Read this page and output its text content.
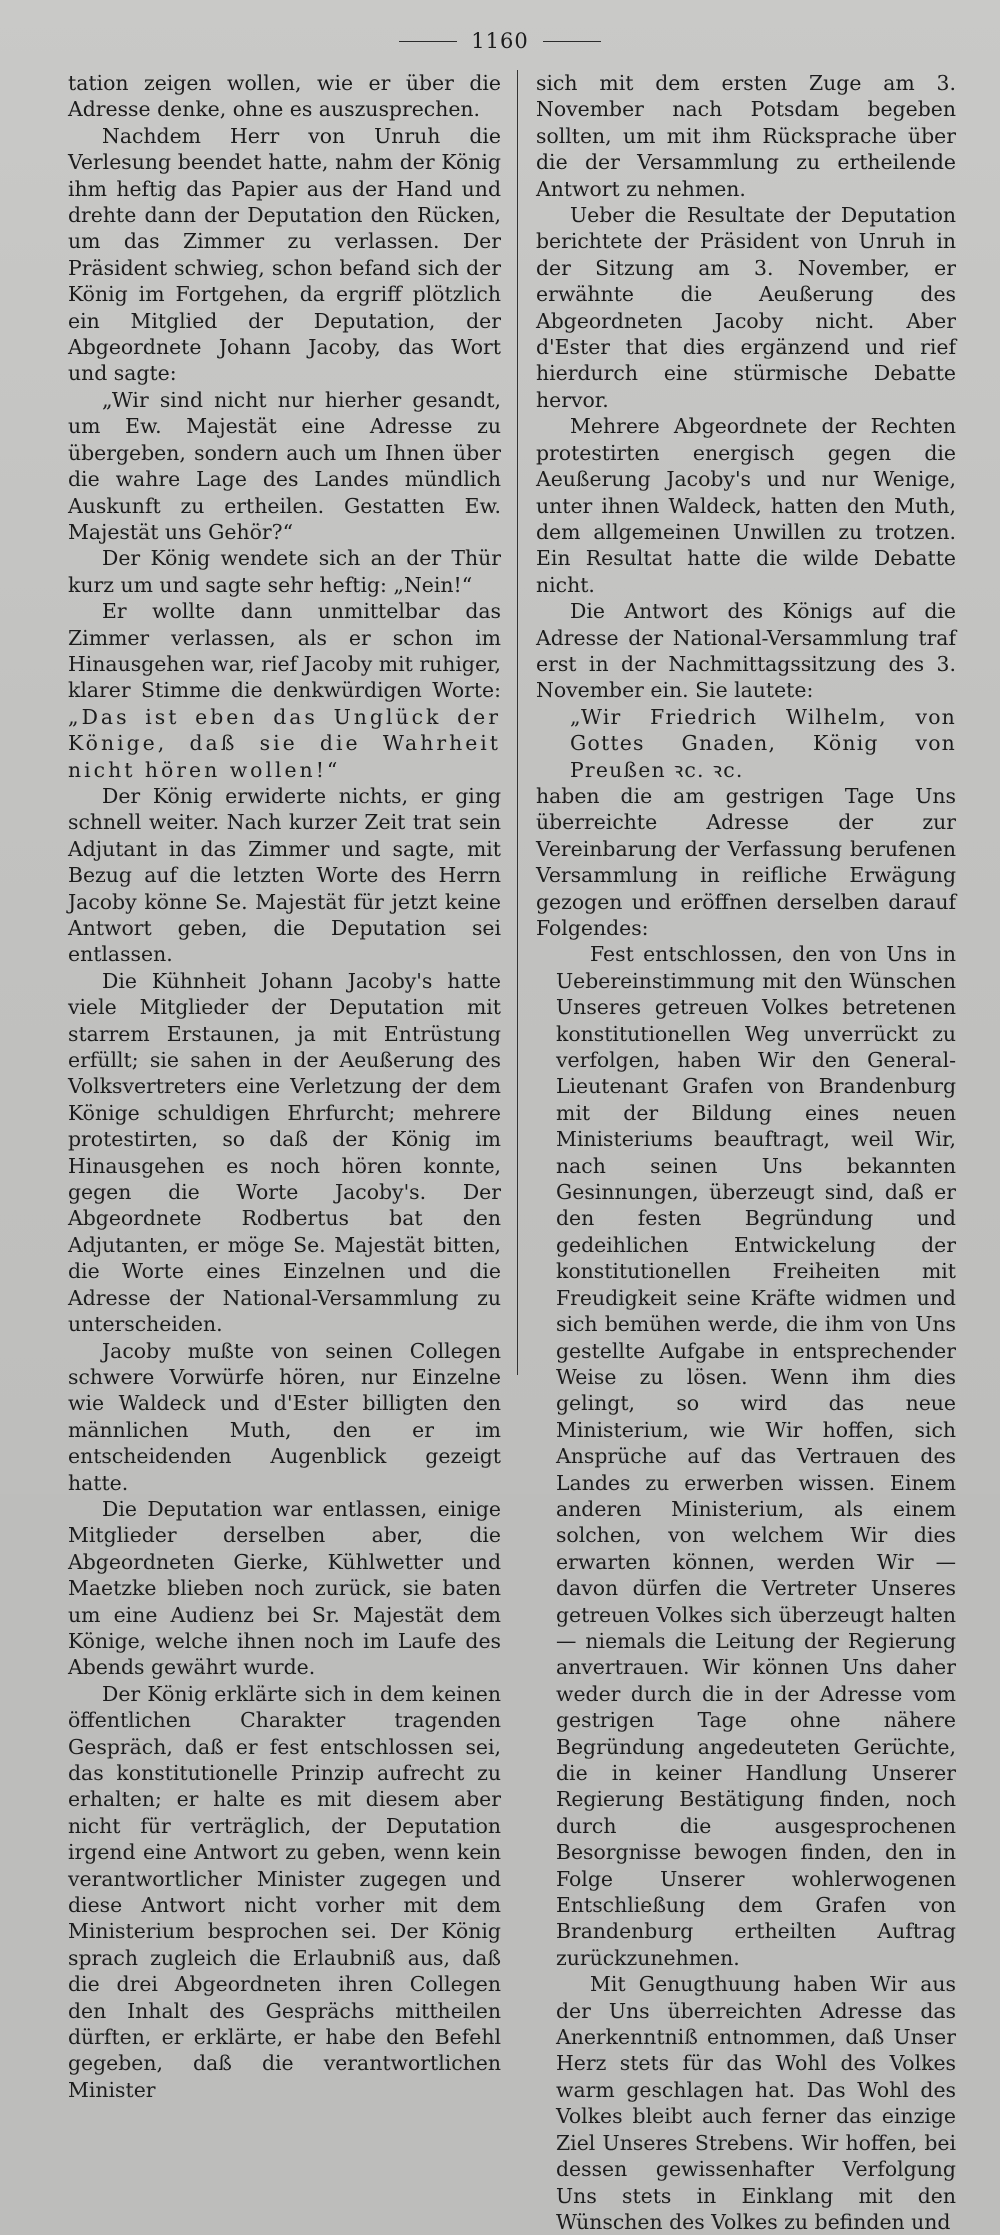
1160

tation zeigen wollen, wie er über die Adresse denke, ohne es auszusprechen.

Nachdem Herr von Unruh die Verlesung beendet hatte, nahm der König ihm heftig das Papier aus der Hand und drehte dann der Deputation den Rücken, um das Zimmer zu verlassen. Der Präsident schwieg, schon befand sich der König im Fortgehen, da ergriff plötzlich ein Mitglied der Deputation, der Abgeordnete Johann Jacoby, das Wort und sagte:

„Wir sind nicht nur hierher gesandt, um Ew. Majestät eine Adresse zu übergeben, sondern auch um Ihnen über die wahre Lage des Landes mündlich Auskunft zu ertheilen. Gestatten Ew. Majestät uns Gehör?“

Der König wendete sich an der Thür kurz um und sagte sehr heftig: „Nein!“

Er wollte dann unmittelbar das Zimmer verlassen, als er schon im Hinausgehen war, rief Jacoby mit ruhiger, klarer Stimme die denkwürdigen Worte: „Das ist eben das Unglück der Könige, daß sie die Wahrheit nicht hören wollen!“

Der König erwiderte nichts, er ging schnell weiter. Nach kurzer Zeit trat sein Adjutant in das Zimmer und sagte, mit Bezug auf die letzten Worte des Herrn Jacoby könne Se. Majestät für jetzt keine Antwort geben, die Deputation sei entlassen.

Die Kühnheit Johann Jacoby's hatte viele Mitglieder der Deputation mit starrem Erstaunen, ja mit Entrüstung erfüllt; sie sahen in der Aeußerung des Volksvertreters eine Verletzung der dem Könige schuldigen Ehrfurcht; mehrere protestirten, so daß der König im Hinausgehen es noch hören konnte, gegen die Worte Jacoby's. Der Abgeordnete Rodbertus bat den Adjutanten, er möge Se. Majestät bitten, die Worte eines Einzelnen und die Adresse der National-Versammlung zu unterscheiden.

Jacoby mußte von seinen Collegen schwere Vorwürfe hören, nur Einzelne wie Waldeck und d'Ester billigten den männlichen Muth, den er im entscheidenden Augenblick gezeigt hatte.

Die Deputation war entlassen, einige Mitglieder derselben aber, die Abgeordneten Gierke, Kühlwetter und Maetzke blieben noch zurück, sie baten um eine Audienz bei Sr. Majestät dem Könige, welche ihnen noch im Laufe des Abends gewährt wurde.

Der König erklärte sich in dem keinen öffentlichen Charakter tragenden Gespräch, daß er fest entschlossen sei, das konstitutionelle Prinzip aufrecht zu erhalten; er halte es mit diesem aber nicht für verträglich, der Deputation irgend eine Antwort zu geben, wenn kein verantwortlicher Minister zugegen und diese Antwort nicht vorher mit dem Ministerium besprochen sei. Der König sprach zugleich die Erlaubniß aus, daß die drei Abgeordneten ihren Collegen den Inhalt des Gesprächs mittheilen dürften, er erklärte, er habe den Befehl gegeben, daß die verantwortlichen Minister

sich mit dem ersten Zuge am 3. November nach Potsdam begeben sollten, um mit ihm Rücksprache über die der Versammlung zu ertheilende Antwort zu nehmen.

Ueber die Resultate der Deputation berichtete der Präsident von Unruh in der Sitzung am 3. November, er erwähnte die Aeußerung des Abgeordneten Jacoby nicht. Aber d'Ester that dies ergänzend und rief hierdurch eine stürmische Debatte hervor.

Mehrere Abgeordnete der Rechten protestirten energisch gegen die Aeußerung Jacoby's und nur Wenige, unter ihnen Waldeck, hatten den Muth, dem allgemeinen Unwillen zu trotzen. Ein Resultat hatte die wilde Debatte nicht.

Die Antwort des Königs auf die Adresse der National-Versammlung traf erst in der Nachmittagssitzung des 3. November ein. Sie lautete:

„Wir Friedrich Wilhelm, von Gottes Gnaden, König von Preußen ꝛc. ꝛc.

haben die am gestrigen Tage Uns überreichte Adresse der zur Vereinbarung der Verfassung berufenen Versammlung in reifliche Erwägung gezogen und eröffnen derselben darauf Folgendes:

Fest entschlossen, den von Uns in Uebereinstimmung mit den Wünschen Unseres getreuen Volkes betretenen konstitutionellen Weg unverrückt zu verfolgen, haben Wir den General-Lieutenant Grafen von Brandenburg mit der Bildung eines neuen Ministeriums beauftragt, weil Wir, nach seinen Uns bekannten Gesinnungen, überzeugt sind, daß er den festen Begründung und gedeihlichen Entwickelung der konstitutionellen Freiheiten mit Freudigkeit seine Kräfte widmen und sich bemühen werde, die ihm von Uns gestellte Aufgabe in entsprechender Weise zu lösen. Wenn ihm dies gelingt, so wird das neue Ministerium, wie Wir hoffen, sich Ansprüche auf das Vertrauen des Landes zu erwerben wissen. Einem anderen Ministerium, als einem solchen, von welchem Wir dies erwarten können, werden Wir — davon dürfen die Vertreter Unseres getreuen Volkes sich überzeugt halten — niemals die Leitung der Regierung anvertrauen. Wir können Uns daher weder durch die in der Adresse vom gestrigen Tage ohne nähere Begründung angedeuteten Gerüchte, die in keiner Handlung Unserer Regierung Bestätigung finden, noch durch die ausgesprochenen Besorgnisse bewogen finden, den in Folge Unserer wohlerwogenen Entschließung dem Grafen von Brandenburg ertheilten Auftrag zurückzunehmen.

Mit Genugthuung haben Wir aus der Uns überreichten Adresse das Anerkenntniß entnommen, daß Unser Herz stets für das Wohl des Volkes warm geschlagen hat. Das Wohl des Volkes bleibt auch ferner das einzige Ziel Unseres Strebens. Wir hoffen, bei dessen gewissenhafter Verfolgung Uns stets in Einklang mit den Wünschen des Volkes zu befinden und
